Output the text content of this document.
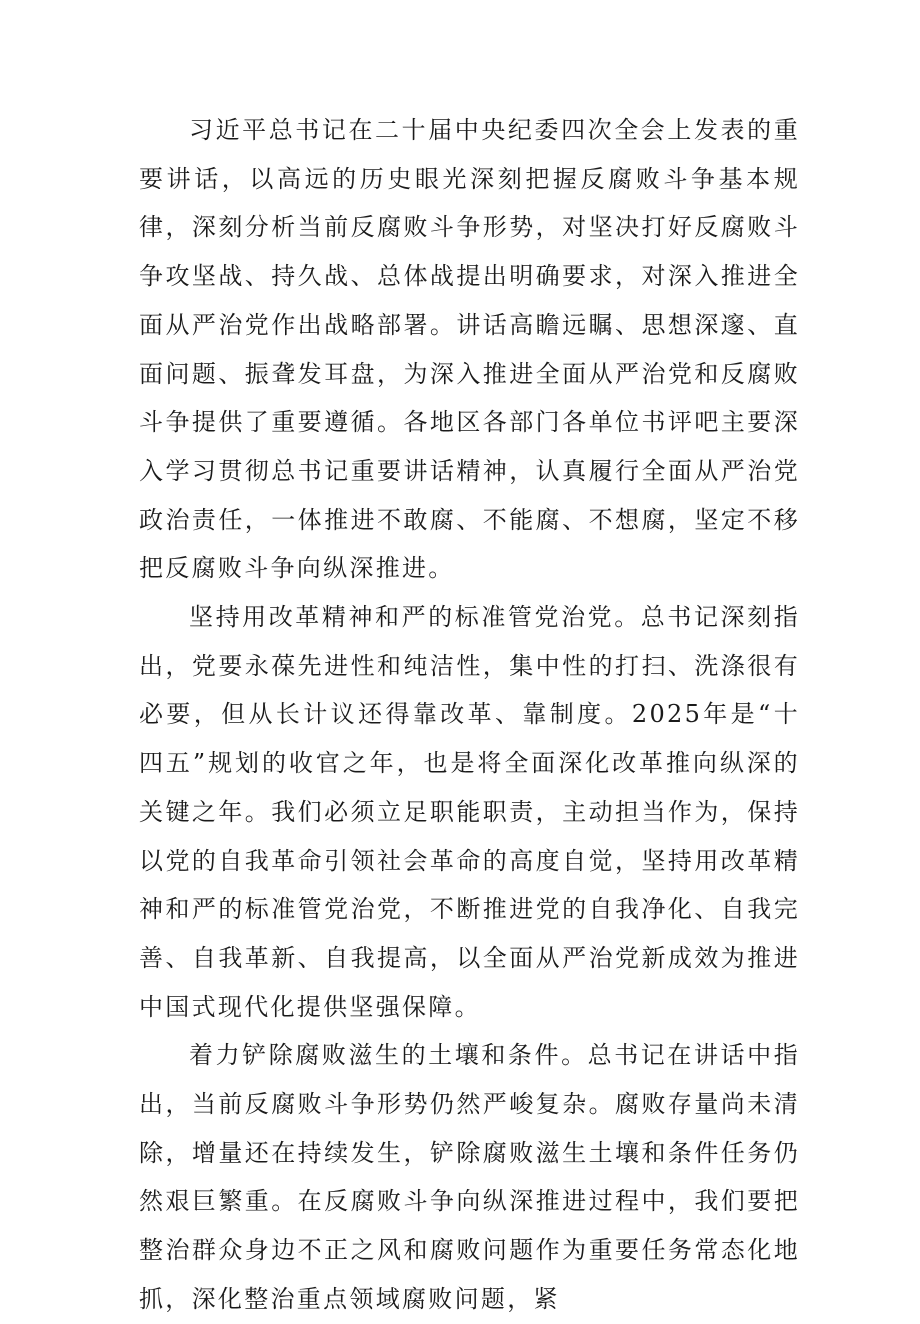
习近平总书记在二十届中央纪委四次全会上发表的重要讲话，以高远的历史眼光深刻把握反腐败斗争基本规律，深刻分析当前反腐败斗争形势，对坚决打好反腐败斗争攻坚战、持久战、总体战提出明确要求，对深入推进全面从严治党作出战略部署。讲话高瞻远瞩、思想深邃、直面问题、振聋发耳盘，为深入推进全面从严治党和反腐败斗争提供了重要遵循。各地区各部门各单位书评吧主要深入学习贯彻总书记重要讲话精神，认真履行全面从严治党政治责任，一体推进不敢腐、不能腐、不想腐，坚定不移把反腐败斗争向纵深推进。

坚持用改革精神和严的标准管党治党。总书记深刻指出，党要永葆先进性和纯洁性，集中性的打扫、洗涤很有必要，但从长计议还得靠改革、靠制度。2025年是“十四五”规划的收官之年，也是将全面深化改革推向纵深的关键之年。我们必须立足职能职责，主动担当作为，保持以党的自我革命引领社会革命的高度自觉，坚持用改革精神和严的标准管党治党，不断推进党的自我净化、自我完善、自我革新、自我提高，以全面从严治党新成效为推进中国式现代化提供坚强保障。

着力铲除腐败滋生的土壤和条件。总书记在讲话中指出，当前反腐败斗争形势仍然严峻复杂。腐败存量尚未清除，增量还在持续发生，铲除腐败滋生土壤和条件任务仍然艰巨繁重。在反腐败斗争向纵深推进过程中，我们要把整治群众身边不正之风和腐败问题作为重要任务常态化地抓，深化整治重点领域腐败问题，紧
